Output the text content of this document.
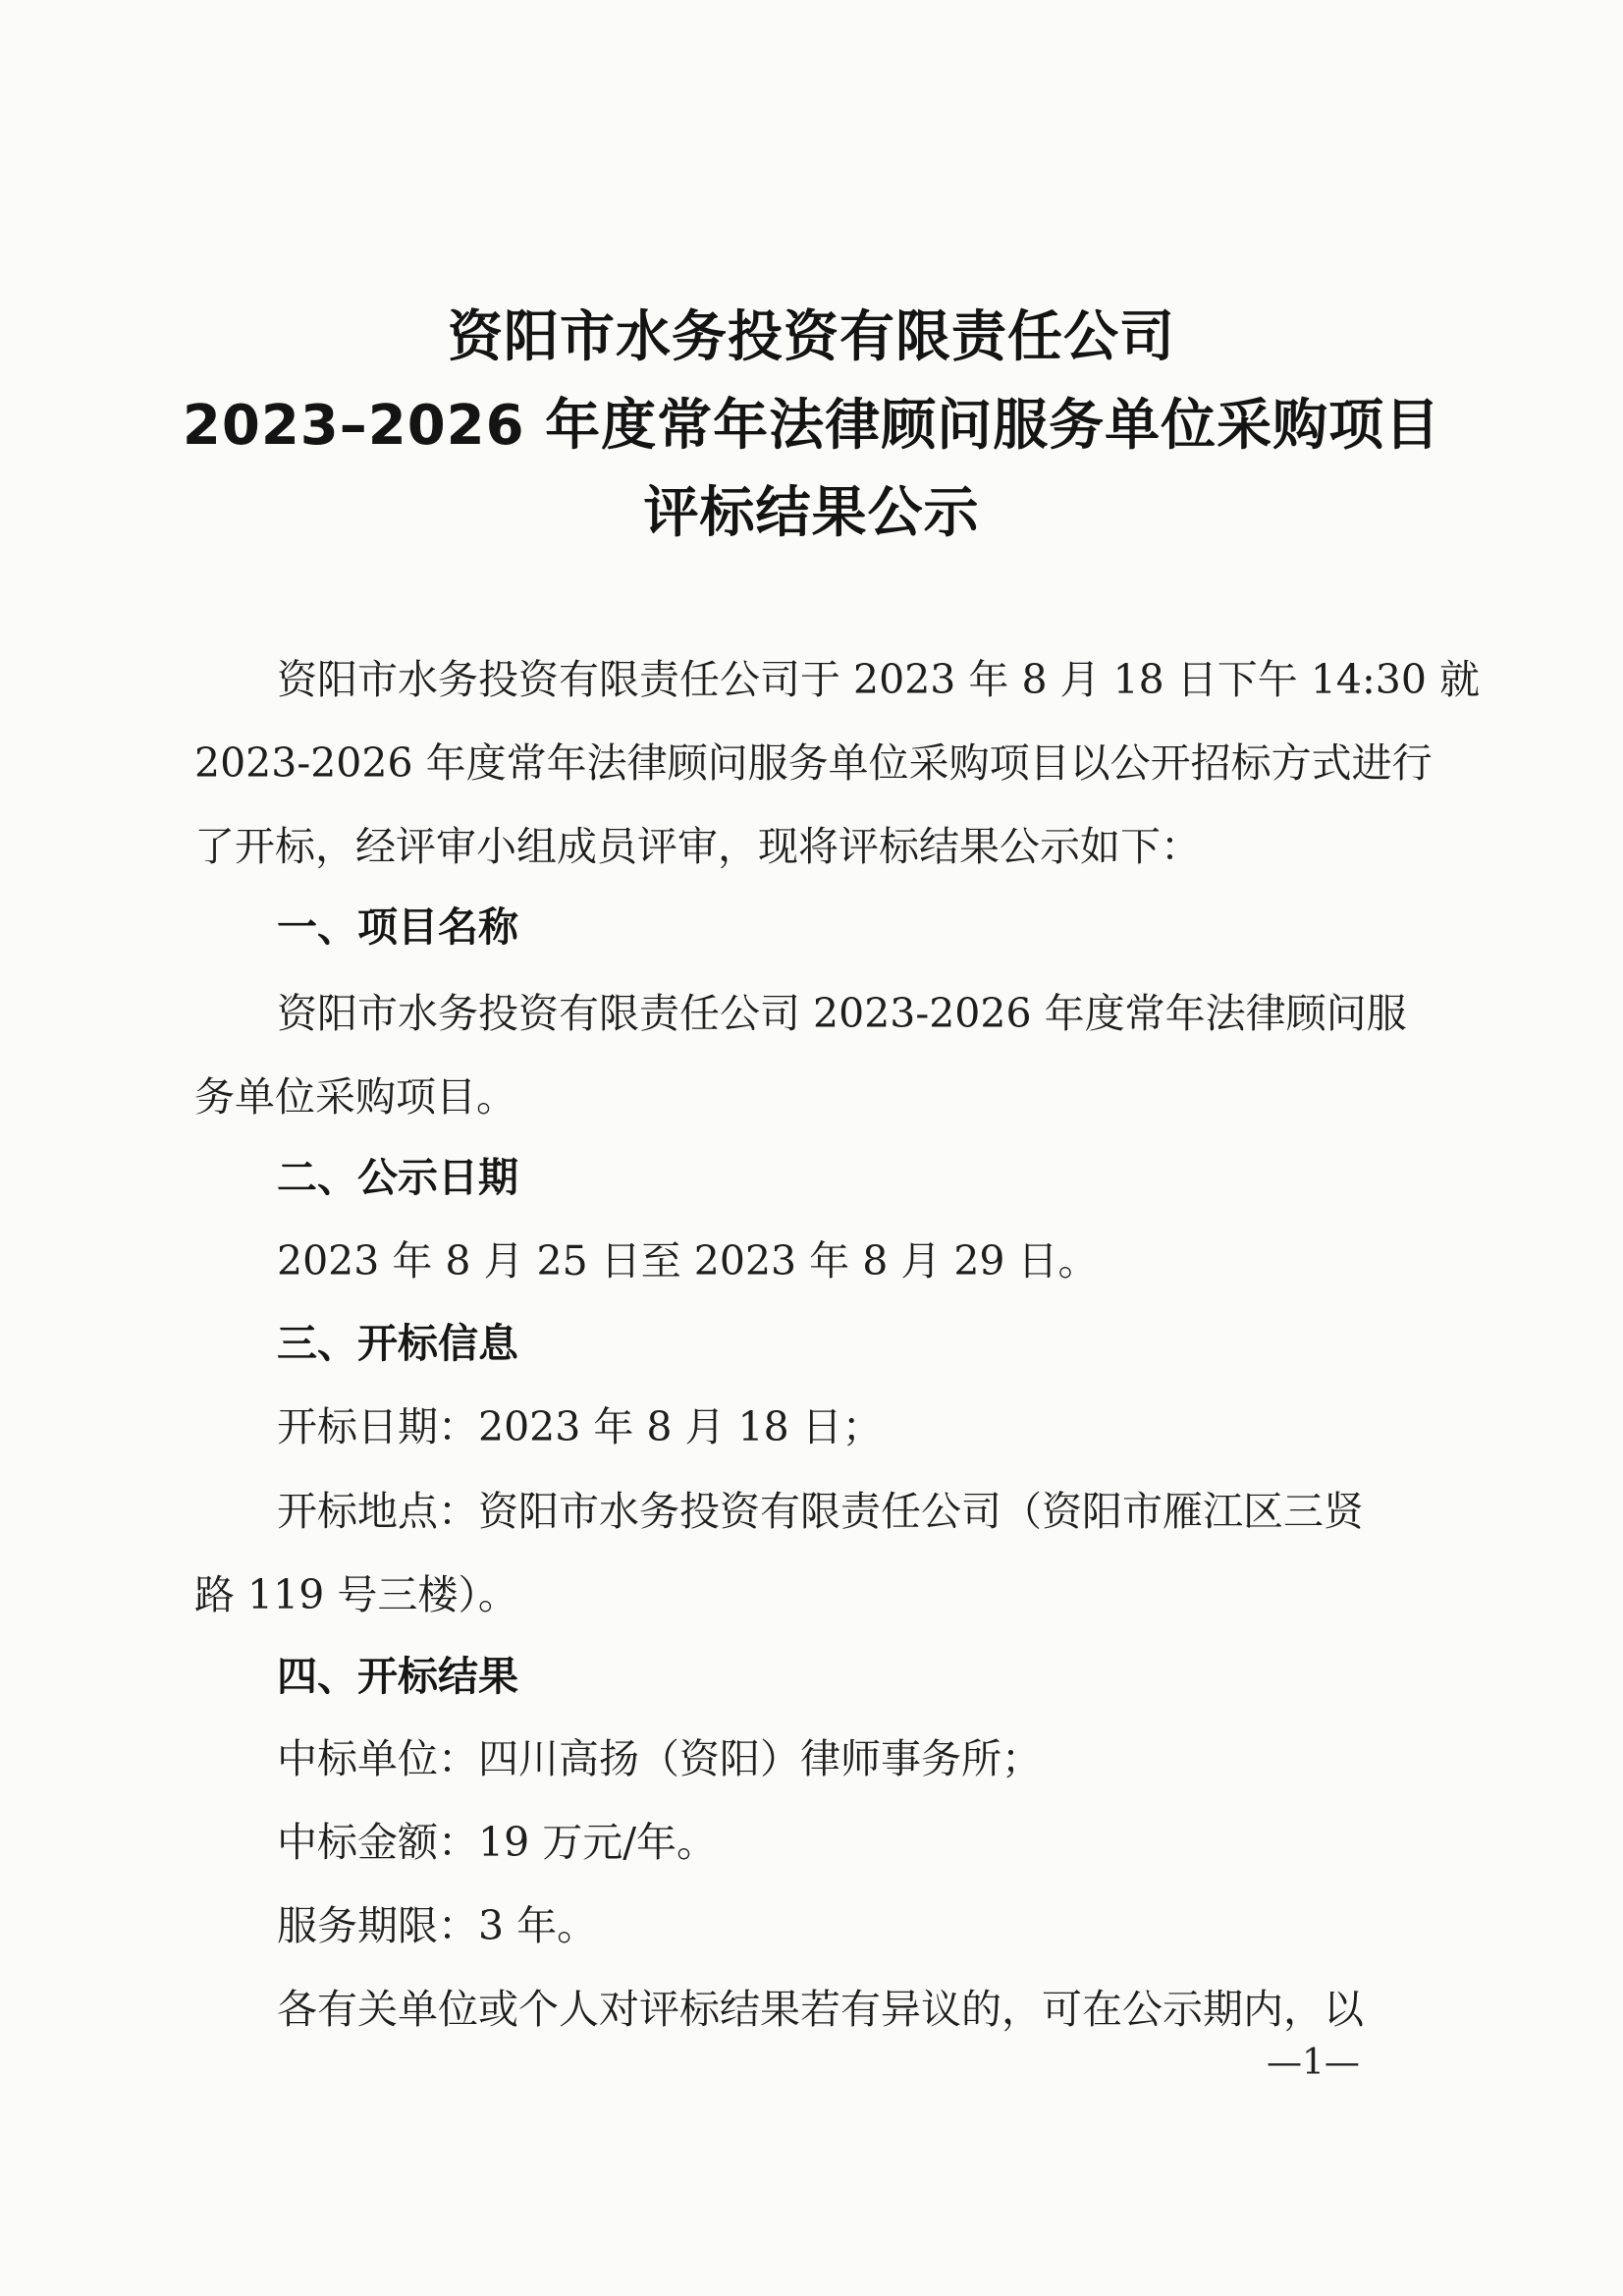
资阳市水务投资有限责任公司
2023–2026 年度常年法律顾问服务单位采购项目
评标结果公示
资阳市水务投资有限责任公司于 2023 年 8 月 18 日下午 14:30 就
2023-2026 年度常年法律顾问服务单位采购项目以公开招标方式进行
了开标，经评审小组成员评审，现将评标结果公示如下：
一、项目名称
资阳市水务投资有限责任公司 2023-2026 年度常年法律顾问服
务单位采购项目。
二、公示日期
2023 年 8 月 25 日至 2023 年 8 月 29 日。
三、开标信息
开标日期：2023 年 8 月 18 日；
开标地点：资阳市水务投资有限责任公司（资阳市雁江区三贤
路 119 号三楼）。
四、开标结果
中标单位：四川高扬（资阳）律师事务所；
中标金额：19 万元/年。
服务期限：3 年。
各有关单位或个人对评标结果若有异议的，可在公示期内，以
—1—
